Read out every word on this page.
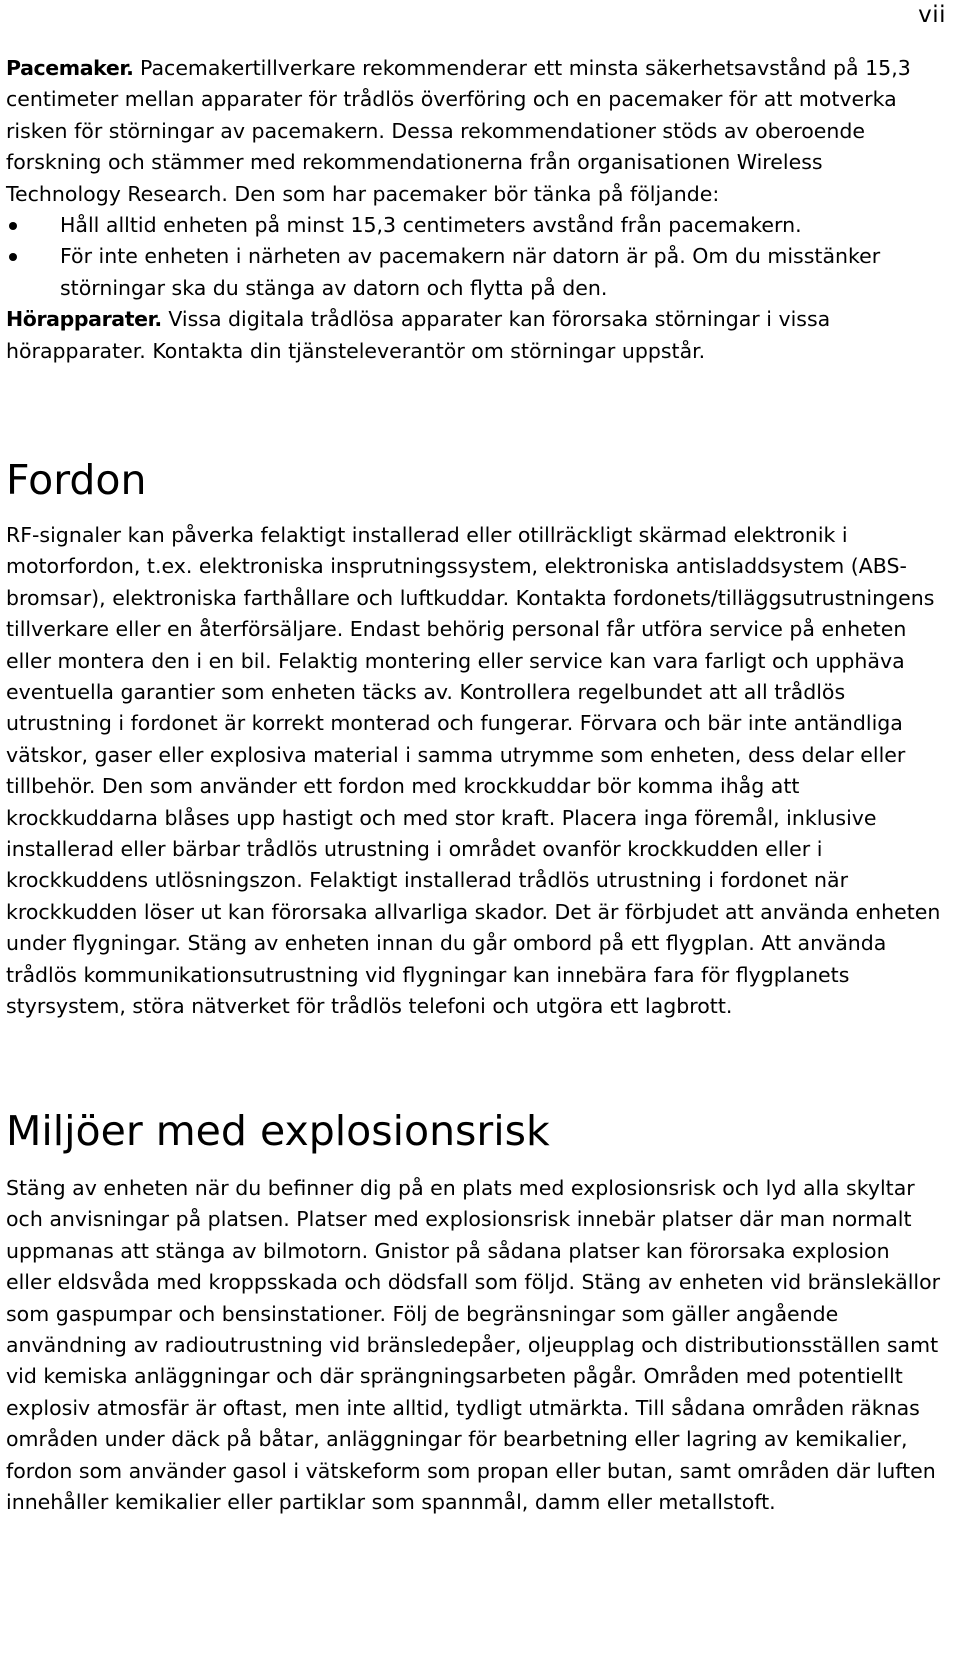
vii

Pacemaker. Pacemakertillverkare rekommenderar ett minsta säkerhetsavstånd på 15,3 centimeter mellan apparater för trådlös överföring och en pacemaker för att motverka risken för störningar av pacemakern. Dessa rekommendationer stöds av oberoende forskning och stämmer med rekommendationerna från organisationen Wireless Technology Research. Den som har pacemaker bör tänka på följande:

Håll alltid enheten på minst 15,3 centimeters avstånd från pacemakern.
För inte enheten i närheten av pacemakern när datorn är på. Om du misstänker störningar ska du stänga av datorn och flytta på den.

Hörapparater. Vissa digitala trådlösa apparater kan förorsaka störningar i vissa hörapparater. Kontakta din tjänsteleverantör om störningar uppstår.

Fordon

RF-signaler kan påverka felaktigt installerad eller otillräckligt skärmad elektronik i motorfordon, t.ex. elektroniska insprutningssystem, elektroniska antisladdsystem (ABS-bromsar), elektroniska farthållare och luftkuddar. Kontakta fordonets/tilläggsutrustningens tillverkare eller en återförsäljare. Endast behörig personal får utföra service på enheten eller montera den i en bil. Felaktig montering eller service kan vara farligt och upphäva eventuella garantier som enheten täcks av. Kontrollera regelbundet att all trådlös utrustning i fordonet är korrekt monterad och fungerar. Förvara och bär inte antändliga vätskor, gaser eller explosiva material i samma utrymme som enheten, dess delar eller tillbehör. Den som använder ett fordon med krockkuddar bör komma ihåg att krockkuddarna blåses upp hastigt och med stor kraft. Placera inga föremål, inklusive installerad eller bärbar trådlös utrustning i området ovanför krockkudden eller i krockkuddens utlösningszon. Felaktigt installerad trådlös utrustning i fordonet när krockkudden löser ut kan förorsaka allvarliga skador. Det är förbjudet att använda enheten under flygningar. Stäng av enheten innan du går ombord på ett flygplan. Att använda trådlös kommunikationsutrustning vid flygningar kan innebära fara för flygplanets styrsystem, störa nätverket för trådlös telefoni och utgöra ett lagbrott.

Miljöer med explosionsrisk

Stäng av enheten när du befinner dig på en plats med explosionsrisk och lyd alla skyltar och anvisningar på platsen. Platser med explosionsrisk innebär platser där man normalt uppmanas att stänga av bilmotorn. Gnistor på sådana platser kan förorsaka explosion eller eldsvåda med kroppsskada och dödsfall som följd. Stäng av enheten vid bränslekällor som gaspumpar och bensinstationer. Följ de begränsningar som gäller angående användning av radioutrustning vid bränsledepåer, oljeupplag och distributionsställen samt vid kemiska anläggningar och där sprängningsarbeten pågår. Områden med potentiellt explosiv atmosfär är oftast, men inte alltid, tydligt utmärkta. Till sådana områden räknas områden under däck på båtar, anläggningar för bearbetning eller lagring av kemikalier, fordon som använder gasol i vätskeform som propan eller butan, samt områden där luften innehåller kemikalier eller partiklar som spannmål, damm eller metallstoft.
